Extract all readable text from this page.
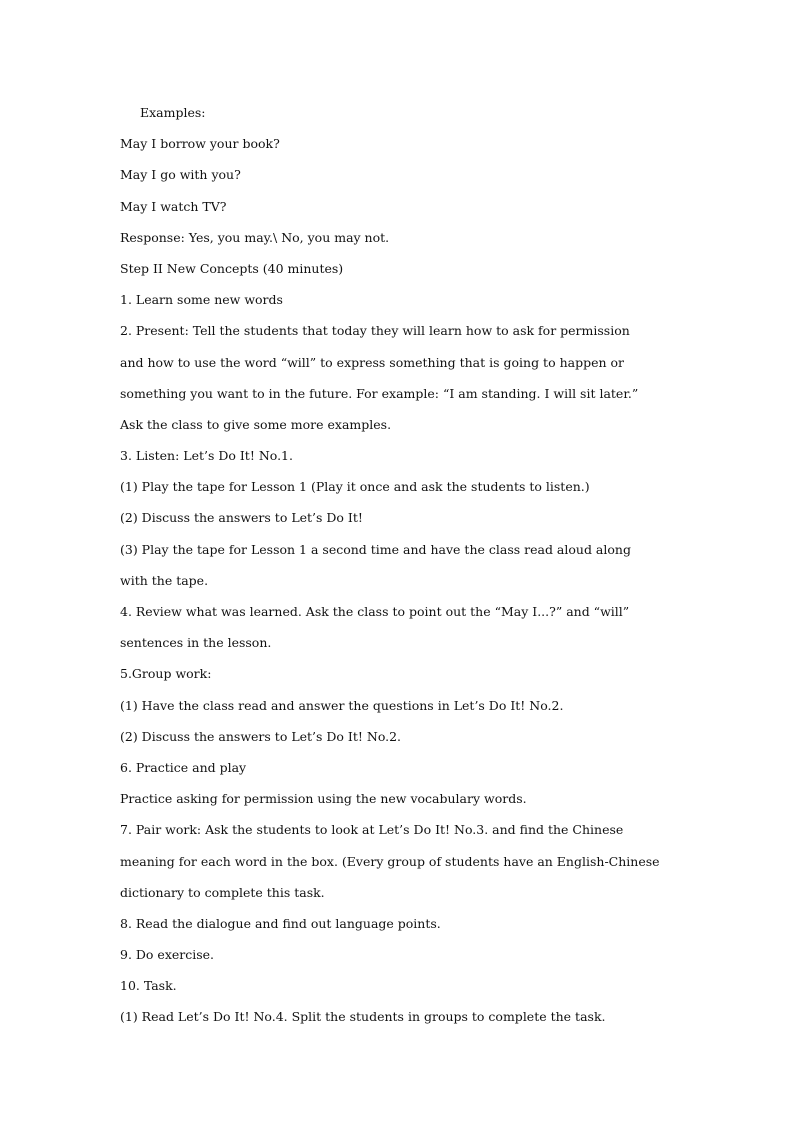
Examples:
May I borrow your book?
May I go with you?
May I watch TV?
Response: Yes, you may.\ No, you may not.
Step II New Concepts (40 minutes)
1. Learn some new words
2. Present: Tell the students that today they will learn how to ask for permission
and how to use the word “will” to express something that is going to happen or
something you want to in the future. For example: “I am standing. I will sit later.”
Ask the class to give some more examples.
3. Listen: Let’s Do It! No.1.
(1) Play the tape for Lesson 1 (Play it once and ask the students to listen.)
(2) Discuss the answers to Let’s Do It!
(3) Play the tape for Lesson 1 a second time and have the class read aloud along
with the tape.
4. Review what was learned. Ask the class to point out the “May I...?” and “will”
sentences in the lesson.
5.Group work:
(1) Have the class read and answer the questions in Let’s Do It! No.2.
(2) Discuss the answers to Let’s Do It! No.2.
6. Practice and play
Practice asking for permission using the new vocabulary words.
7. Pair work: Ask the students to look at Let’s Do It! No.3. and find the Chinese
meaning for each word in the box. (Every group of students have an English-Chinese
dictionary to complete this task.
8. Read the dialogue and find out language points.
9. Do exercise.
10. Task.
(1) Read Let’s Do It! No.4. Split the students in groups to complete the task.
